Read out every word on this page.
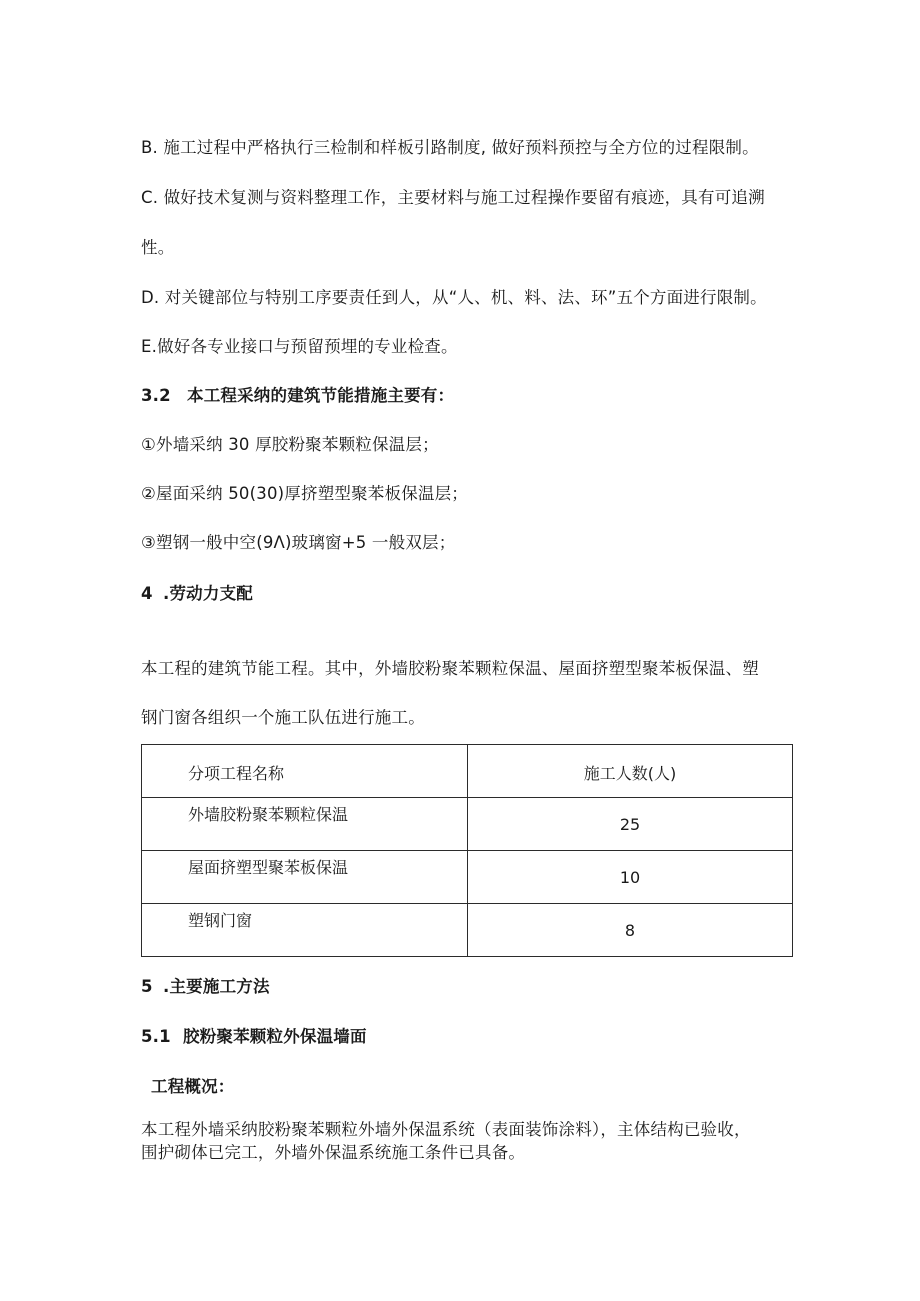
B. 施工过程中严格执行三检制和样板引路制度, 做好预料预控与全方位的过程限制。
C. 做好技术复测与资料整理工作，主要材料与施工过程操作要留有痕迹，具有可追溯
性。
D. 对关键部位与特别工序要责任到人，从“人、机、料、法、环”五个方面进行限制。
E.做好各专业接口与预留预埋的专业检查。
3.2 本工程采纳的建筑节能措施主要有：
①外墙采纳 30 厚胶粉聚苯颗粒保温层；
②屋面采纳 50(30)厚挤塑型聚苯板保温层；
③塑钢一般中空(9Λ)玻璃窗+5 一般双层；
4 .劳动力支配
本工程的建筑节能工程。其中，外墙胶粉聚苯颗粒保温、屋面挤塑型聚苯板保温、塑
钢门窗各组织一个施工队伍进行施工。
分项工程名称	施工人数(人)

外墙胶粉聚苯颗粒保温	25

屋面挤塑型聚苯板保温	10

塑钢门窗	8
5 .主要施工方法
5.1 胶粉聚苯颗粒外保温墙面
工程概况：
本工程外墙采纳胶粉聚苯颗粒外墙外保温系统（表面装饰涂料），主体结构已验收，
围护砌体已完工，外墙外保温系统施工条件已具备。
